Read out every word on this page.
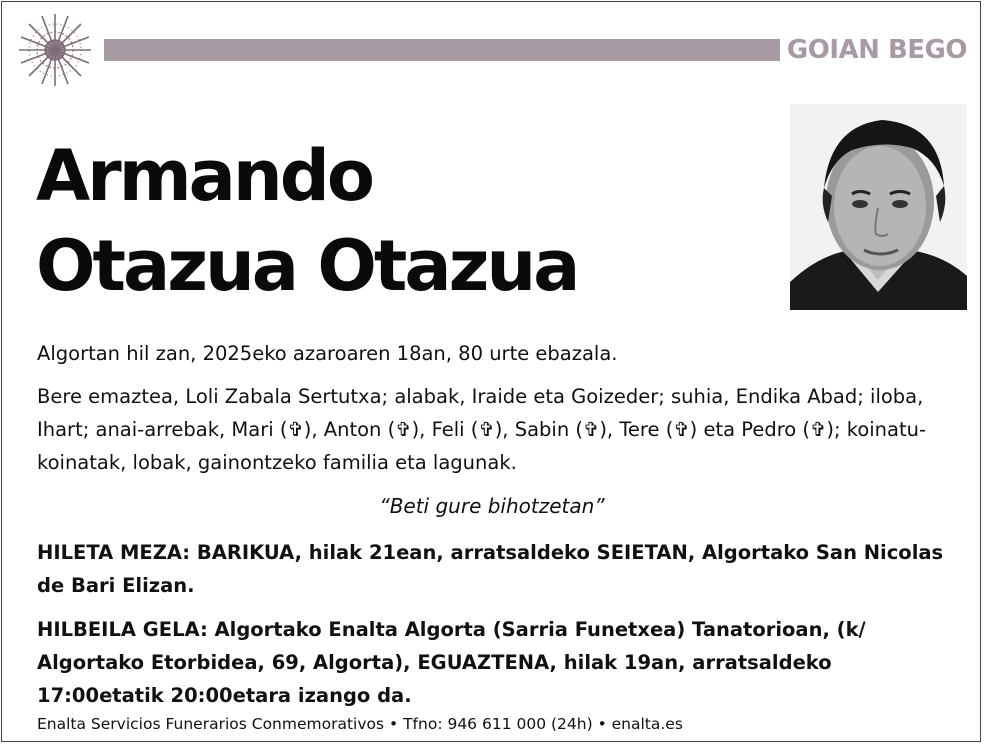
GOIAN BEGO
Armando
Otazua Otazua
Algortan hil zan, 2025eko azaroaren 18an, 80 urte ebazala.
Bere emaztea, Loli Zabala Sertutxa; alabak, Iraide eta Goizeder; suhia, Endika Abad; iloba, Ihart; anai-arrebak, Mari (✞), Anton (✞), Feli (✞), Sabin (✞), Tere (✞) eta Pedro (✞); koinatu-koinatak, lobak, gainontzeko familia eta lagunak.
“Beti gure bihotzetan”
HILETA MEZA: BARIKUA, hilak 21ean, arratsaldeko SEIETAN, Algortako San Nicolas de Bari Elizan.
HILBEILA GELA: Algortako Enalta Algorta (Sarria Funetxea) Tanatorioan, (k/ Algortako Etorbidea, 69, Algorta), EGUAZTENA, hilak 19an, arratsaldeko 17:00etatik 20:00etara izango da.
Enalta Servicios Funerarios Conmemorativos • Tfno: 946 611 000 (24h) • enalta.es
